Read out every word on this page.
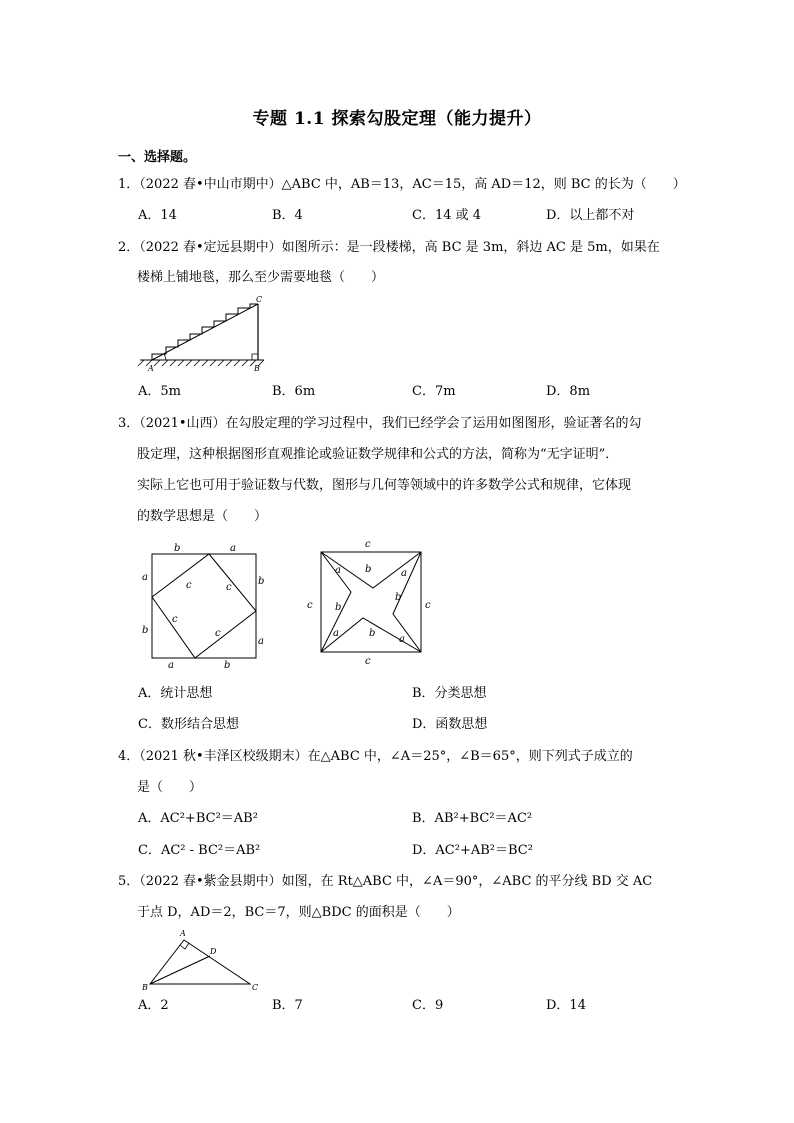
专题 1.1 探索勾股定理（能力提升）
一、选择题。
1．（2022 春•中山市期中）△ABC 中，AB＝13，AC＝15，高 AD＝12，则 BC 的长为（　　）
A．14	B．4	C．14 或 4	D．以上都不对
2．（2022 春•定远县期中）如图所示：是一段楼梯，高 BC 是 3m，斜边 AC 是 5m，如果在
楼梯上铺地毯，那么至少需要地毯（　　）
A	B
C
A．5m	B．6m	C．7m	D．8m
3．（2021•山西）在勾股定理的学习过程中，我们已经学会了运用如图图形，验证著名的勾
股定理，这种根据图形直观推论或验证数学规律和公式的方法，简称为“无字证明”．
实际上它也可用于验证数与代数，图形与几何等领域中的许多数学公式和规律，它体现
的数学思想是（　　）
b	a
a
b
b
a
a	b
c	c
c
c
c
c	c
c
a b	a
b
b
a	b
a
A．统计思想	B．分类思想
C．数形结合思想	D．函数思想
4．（2021 秋•丰泽区校级期末）在△ABC 中，∠A＝25°，∠B＝65°，则下列式子成立的
是（　　）
A．AC²+BC²＝AB²	B．AB²+BC²＝AC²
C．AC² - BC²＝AB²	D．AC²+AB²＝BC²
5．（2022 春•紫金县期中）如图，在 Rt△ABC 中，∠A＝90°，∠ABC 的平分线 BD 交 AC
于点 D，AD＝2，BC＝7，则△BDC 的面积是（　　）
A
B	C
D
A．2	B．7	C．9	D．14
